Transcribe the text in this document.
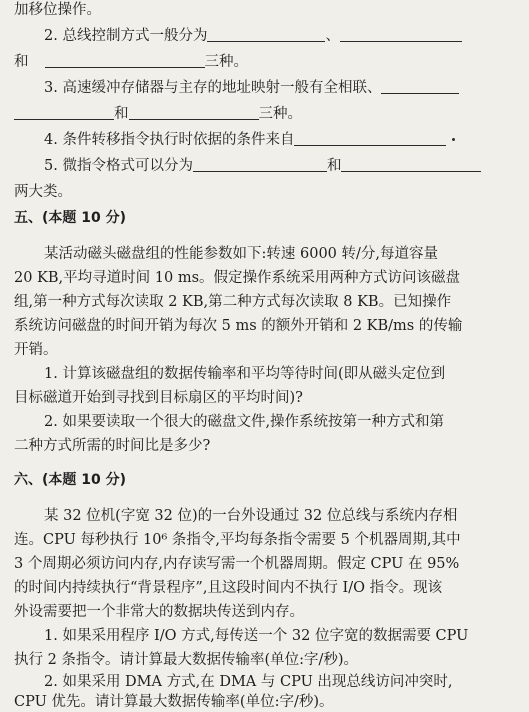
加移位操作。
2. 总线控制方式一般分为	、
和	三种。
3. 高速缓冲存储器与主存的地址映射一般有全相联、
和	三种。
4. 条件转移指令执行时依据的条件来自
5. 微指令格式可以分为	和
两大类。
五、(本题 10 分)
某活动磁头磁盘组的性能参数如下:转速 6000 转/分,每道容量
20 KB,平均寻道时间 10 ms。假定操作系统采用两种方式访问该磁盘
组,第一种方式每次读取 2 KB,第二种方式每次读取 8 KB。已知操作
系统访问磁盘的时间开销为每次 5 ms 的额外开销和 2 KB/ms 的传输
开销。
1. 计算该磁盘组的数据传输率和平均等待时间(即从磁头定位到
目标磁道开始到寻找到目标扇区的平均时间)?
2. 如果要读取一个很大的磁盘文件,操作系统按第一种方式和第
二种方式所需的时间比是多少?
六、(本题 10 分)
某 32 位机(字宽 32 位)的一台外设通过 32 位总线与系统内存相
连。CPU 每秒执行 10⁶ 条指令,平均每条指令需要 5 个机器周期,其中
3 个周期必须访问内存,内存读写需一个机器周期。假定 CPU 在 95%
的时间内持续执行“背景程序”,且这段时间内不执行 I/O 指令。现该
外设需要把一个非常大的数据块传送到内存。
1. 如果采用程序 I/O 方式,每传送一个 32 位字宽的数据需要 CPU
执行 2 条指令。请计算最大数据传输率(单位:字/秒)。
2. 如果采用 DMA 方式,在 DMA 与 CPU 出现总线访问冲突时,
CPU 优先。请计算最大数据传输率(单位:字/秒)。
